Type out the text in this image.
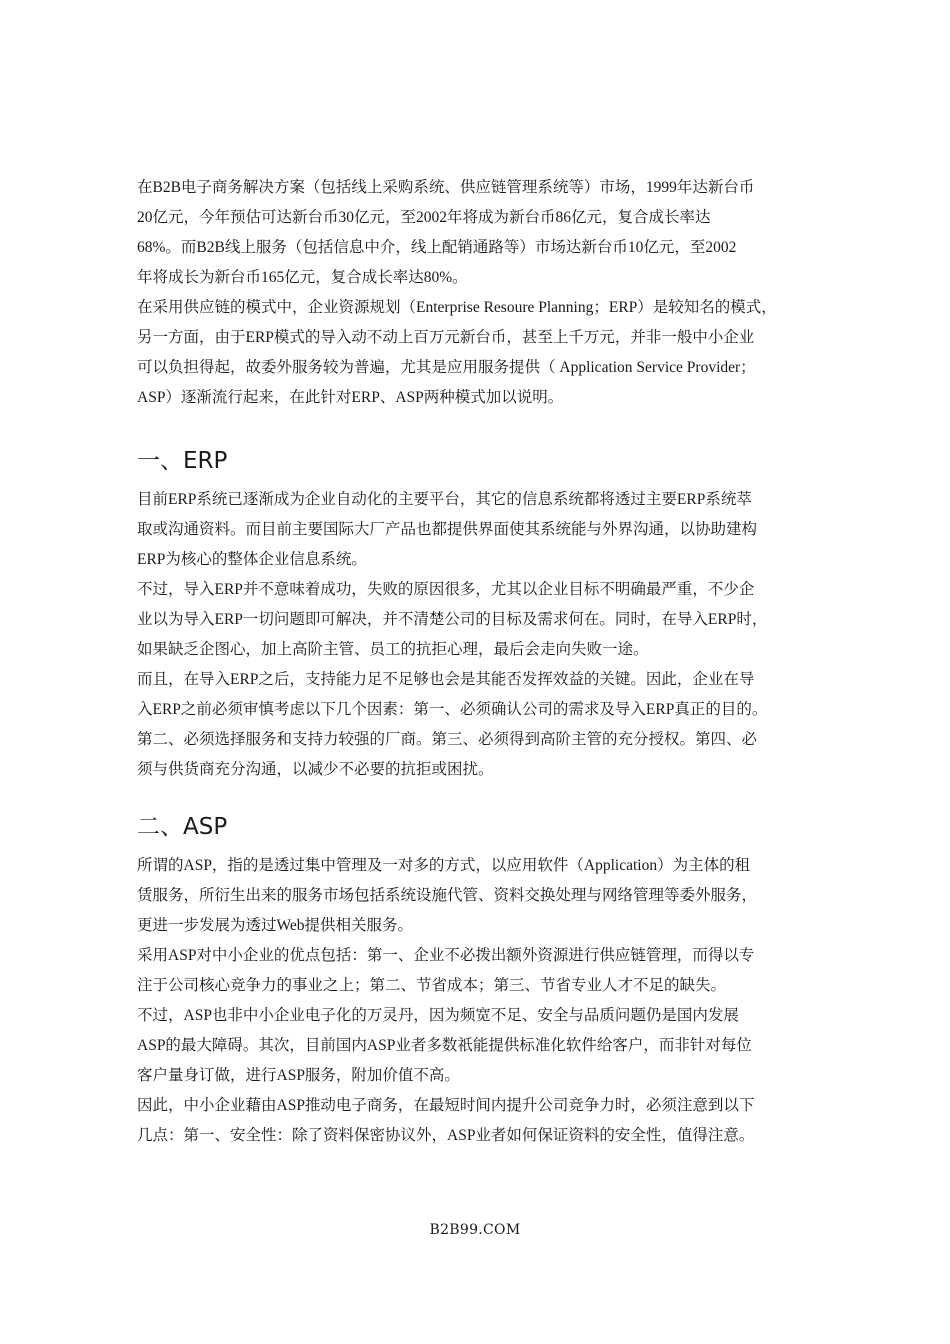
在B2B电子商务解决方案（包括线上采购系统、供应链管理系统等）市场，1999年达新台币
20亿元，今年预估可达新台币30亿元，至2002年将成为新台币86亿元，复合成长率达
68%。而B2B线上服务（包括信息中介，线上配销通路等）市场达新台币10亿元，至2002
年将成长为新台币165亿元，复合成长率达80%。
在采用供应链的模式中，企业资源规划（Enterprise Resoure Planning；ERP）是较知名的模式，
另一方面，由于ERP模式的导入动不动上百万元新台币，甚至上千万元，并非一般中小企业
可以负担得起，故委外服务较为普遍，尤其是应用服务提供（ Application Service Provider；
ASP）逐渐流行起来，在此针对ERP、ASP两种模式加以说明。
一、ERP
目前ERP系统已逐渐成为企业自动化的主要平台，其它的信息系统都将透过主要ERP系统萃
取或沟通资料。而目前主要国际大厂产品也都提供界面使其系统能与外界沟通，以协助建构
ERP为核心的整体企业信息系统。
不过，导入ERP并不意味着成功，失败的原因很多，尤其以企业目标不明确最严重，不少企
业以为导入ERP一切问题即可解决，并不清楚公司的目标及需求何在。同时，在导入ERP时，
如果缺乏企图心，加上高阶主管、员工的抗拒心理，最后会走向失败一途。
而且，在导入ERP之后，支持能力足不足够也会是其能否发挥效益的关键。因此，企业在导
入ERP之前必须审慎考虑以下几个因素：第一、必须确认公司的需求及导入ERP真正的目的。
第二、必须选择服务和支持力较强的厂商。第三、必须得到高阶主管的充分授权。第四、必
须与供货商充分沟通，以减少不必要的抗拒或困扰。
二、ASP
所谓的ASP，指的是透过集中管理及一对多的方式，以应用软件（Application）为主体的租
赁服务，所衍生出来的服务市场包括系统设施代管、资料交换处理与网络管理等委外服务，
更进一步发展为透过Web提供相关服务。
采用ASP对中小企业的优点包括：第一、企业不必拨出额外资源进行供应链管理，而得以专
注于公司核心竞争力的事业之上；第二、节省成本；第三、节省专业人才不足的缺失。
不过，ASP也非中小企业电子化的万灵丹，因为频宽不足、安全与品质问题仍是国内发展
ASP的最大障碍。其次，目前国内ASP业者多数祇能提供标准化软件给客户，而非针对每位
客户量身订做，进行ASP服务，附加价值不高。
因此，中小企业藉由ASP推动电子商务，在最短时间内提升公司竞争力时，必须注意到以下
几点：第一、安全性：除了资料保密协议外，ASP业者如何保证资料的安全性，值得注意。
B2B99.COM
